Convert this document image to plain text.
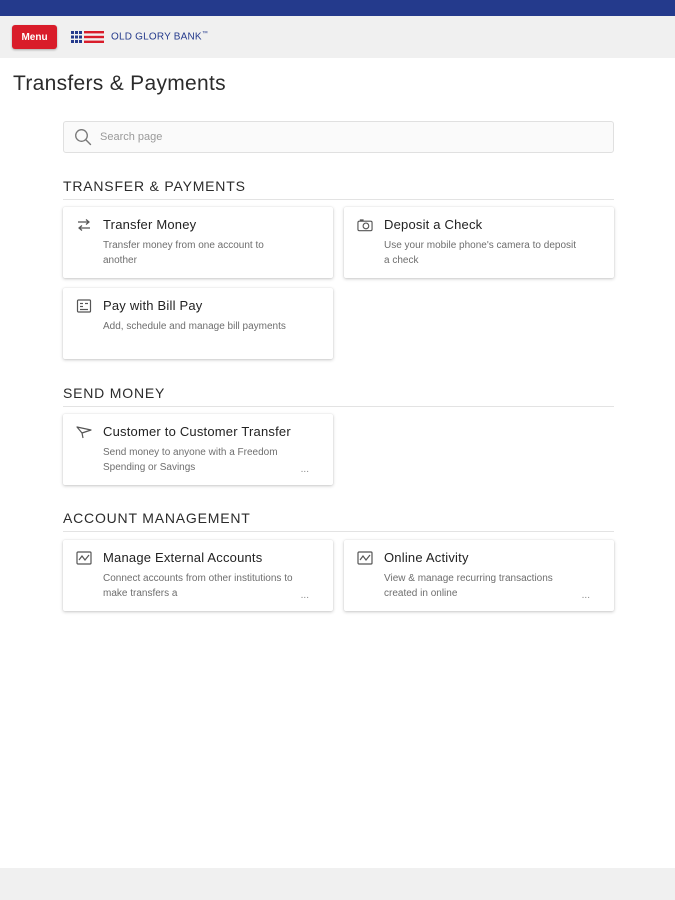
Menu	OLD GLORY BANK™
Transfers & Payments
Search page
TRANSFER & PAYMENTS
Transfer Money
Transfer money from one account to another
Deposit a Check
Use your mobile phone's camera to deposit a check
Pay with Bill Pay
Add, schedule and manage bill payments
SEND MONEY
Customer to Customer Transfer
Send money to anyone with a Freedom Spending or Savings	...
ACCOUNT MANAGEMENT
Manage External Accounts
Connect accounts from other institutions to make transfers a	...
Online Activity
View & manage recurring transactions created in online	...
